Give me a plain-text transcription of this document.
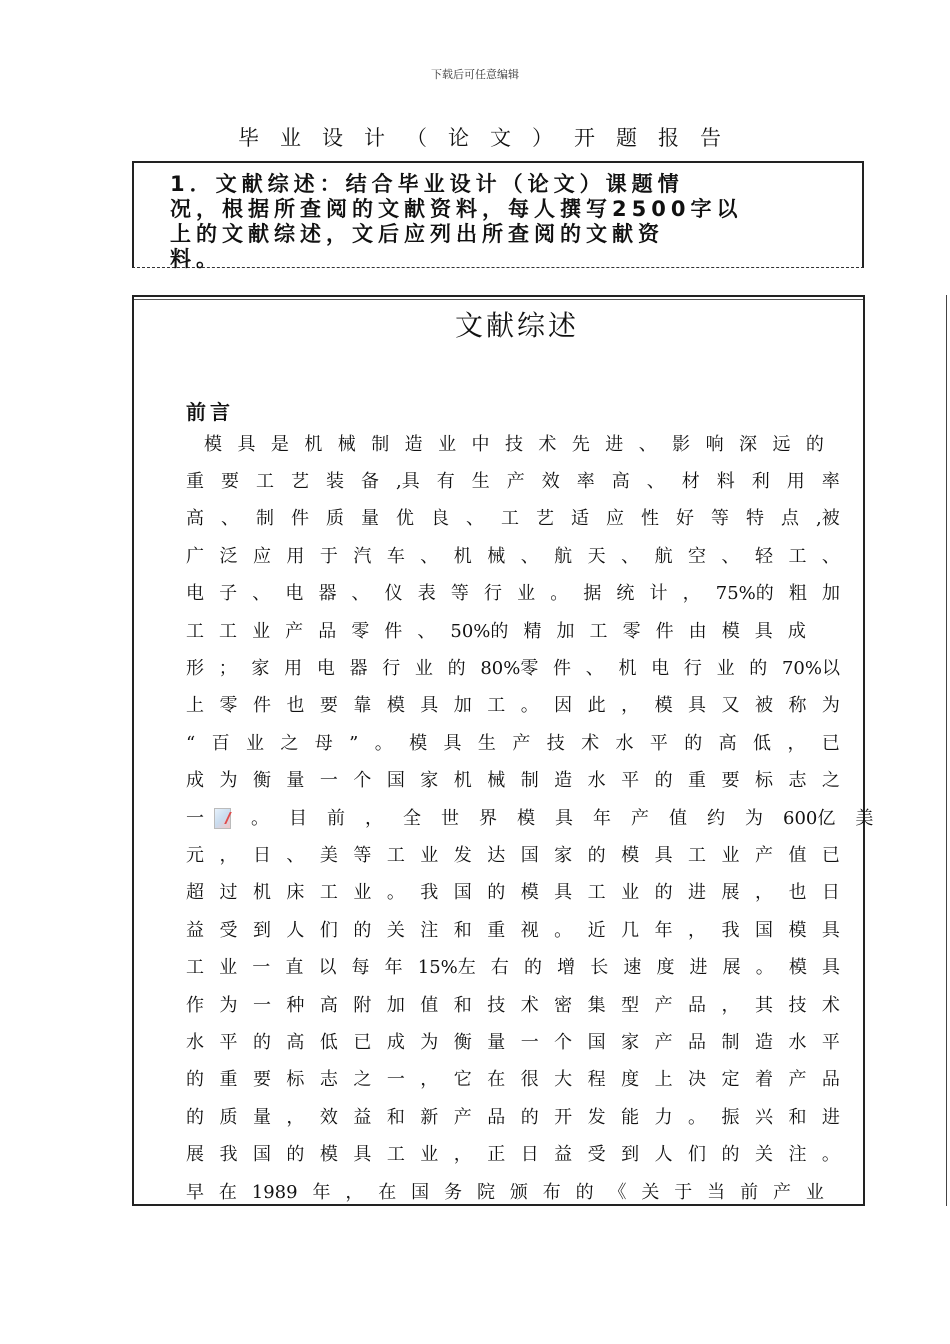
下载后可任意编辑
毕业设计（论文）开题报告
1．文献综述：结合毕业设计（论文）课题情
况，根据所查阅的文献资料，每人撰写2500字以
上的文献综述，文后应列出所查阅的文献资
料。
文献综述
前言
模 具 是 机 械 制 造 业 中 技 术 先 进 、 影 响 深 远 的
重 要 工 艺 装 备 ,具 有 生 产 效 率 高 、 材 料 利 用 率
高 、 制 件 质 量 优 良 、 工 艺 适 应 性 好 等 特 点 ,被
广 泛 应 用 于 汽 车 、 机 械 、 航 天 、 航 空 、 轻 工 、
电 子 、 电 器 、 仪 表 等 行 业 。 据 统 计 ， 75%的 粗 加
工 工 业 产 品 零 件 、 50%的 精 加 工 零 件 由 模 具 成
形 ； 家 用 电 器 行 业 的 80%零 件 、 机 电 行 业 的 70%以
上 零 件 也 要 靠 模 具 加 工 。 因 此 ， 模 具 又 被 称 为
“ 百 业 之 母 ” 。 模 具 生 产 技 术 水 平 的 高 低 ， 已
成 为 衡 量 一 个 国 家 机 械 制 造 水 平 的 重 要 标 志 之
一	。 目 前 ， 全 世 界 模 具 年 产 值 约 为 600亿 美
元 ， 日 、 美 等 工 业 发 达 国 家 的 模 具 工 业 产 值 已
超 过 机 床 工 业 。 我 国 的 模 具 工 业 的 进 展 ， 也 日
益 受 到 人 们 的 关 注 和 重 视 。 近 几 年 ， 我 国 模 具
工 业 一 直 以 每 年 15%左 右 的 增 长 速 度 进 展 。 模 具
作 为 一 种 高 附 加 值 和 技 术 密 集 型 产 品 ， 其 技 术
水 平 的 高 低 已 成 为 衡 量 一 个 国 家 产 品 制 造 水 平
的 重 要 标 志 之 一 ， 它 在 很 大 程 度 上 决 定 着 产 品
的 质 量 ， 效 益 和 新 产 品 的 开 发 能 力 。 振 兴 和 进
展 我 国 的 模 具 工 业 ， 正 日 益 受 到 人 们 的 关 注 。
早 在 1989 年 ， 在 国 务 院 颁 布 的 《 关 于 当 前 产 业
